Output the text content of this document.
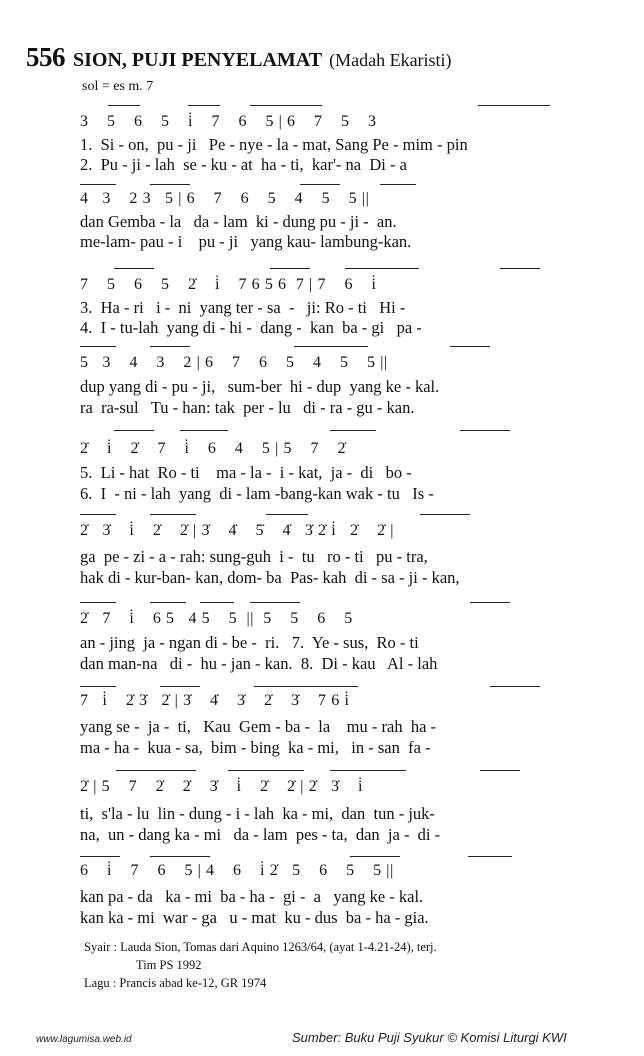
556 SION, PUJI PENYELAMAT (Madah Ekaristi)
sol = es m. 7
3    5    6    5    i̇    7    6    5 | 6    7    5    3
1.  Si - on,  pu - ji   Pe - nye - la - mat, Sang Pe - mim - pin
2.  Pu - ji - lah  se - ku - at  ha - ti,  kar'- na  Di - a
4   3    2 3   5 | 6    7    6    5    4    5    5 ||
dan Gemba - la   da - lam  ki - dung pu - ji -  an.
me-lam- pau - i    pu - ji   yang kau- lambung-kan.
7    5    6    5    2̇    i̇    7 6 5 6  7 | 7    6    i̇
3.  Ha - ri   i -  ni  yang ter - sa  -   ji: Ro - ti   Hi -
4.  I - tu-lah  yang di - hi -  dang -  kan  ba - gi   pa -
5   3    4    3    2 | 6    7    6    5    4    5    5 ||
dup yang di - pu - ji,   sum-ber  hi - dup  yang ke - kal.
ra  ra-sul   Tu - han: tak  per - lu   di - ra - gu - kan.
2̇    i̇    2̇    7    i̇    6    4    5 | 5    7    2̇
5.  Li - hat  Ro - ti    ma - la -  i - kat,  ja -  di   bo -
6.  I  - ni - lah  yang  di - lam -bang-kan wak - tu   Is -
2̇   3̇    i̇    2̇    2̇ | 3̇    4̇    5̇    4̇   3̇ 2̇ i̇   2̇    2̇ |
ga  pe - zi - a - rah: sung-guh  i -  tu   ro - ti   pu - tra,
hak di - kur-ban- kan, dom- ba  Pas- kah  di - sa - ji - kan,
2̇   7    i̇    6 5   4 5    5  ||  5    5    6    5
an - jing  ja - ngan di - be -  ri.   7.  Ye - sus,  Ro - ti
dan man-na   di -  hu - jan - kan.  8.  Di - kau   Al - lah
7   i̇    2̇ 3̇   2̇ | 3̇    4̇    3̇    2̇    3̇    7 6 i̇
yang se -  ja -  ti,   Kau  Gem - ba -  la    mu - rah  ha -
ma - ha -  kua - sa,  bim - bing  ka - mi,   in - san  fa -
2̇ | 5    7    2̇    2̇    3̇    i̇    2̇    2̇ | 2̇   3̇    i̇
ti,  s'la - lu  lin - dung - i - lah  ka - mi,  dan  tun - juk-
na,  un - dang ka - mi   da - lam  pes - ta,  dan  ja -  di -
6    i̇    7    6    5 | 4    6    i̇ 2̇   5    6    5    5 ||
kan pa - da   ka - mi  ba - ha -  gi -  a   yang ke - kal.
kan ka - mi  war - ga   u - mat  ku - dus  ba - ha - gia.
Syair : Lauda Sion, Tomas dari Aquino 1263/64, (ayat 1-4.21-24), terj.
Tim PS 1992
Lagu : Prancis abad ke-12, GR 1974
www.lagumisa.web.id	Sumber: Buku Puji Syukur © Komisi Liturgi KWI
